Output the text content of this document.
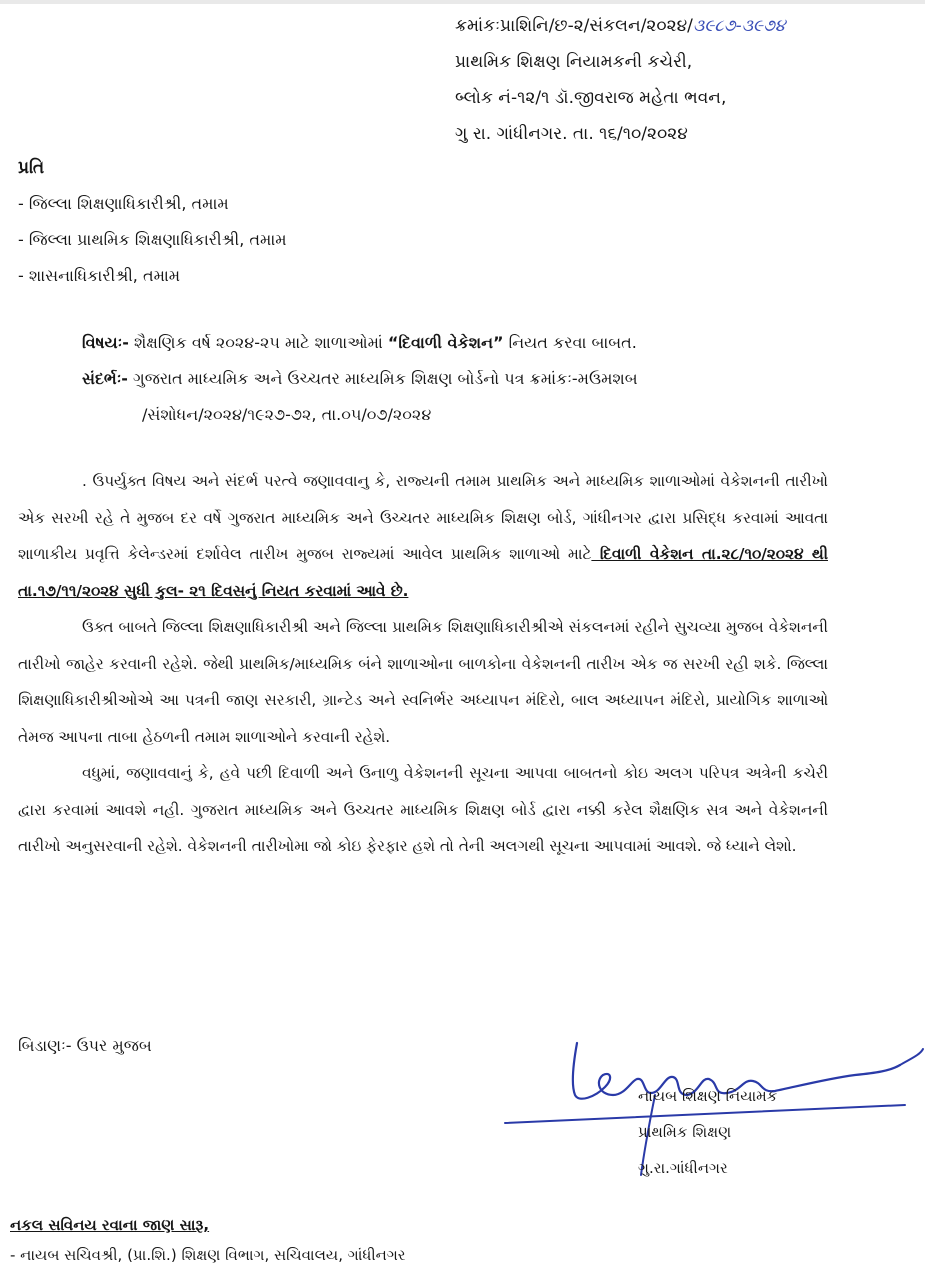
ક્રમાંકઃપ્રાશિનિ/છ-૨/સંકલન/૨૦૨૪/૩૯૮૭-૩૯૭૪
પ્રાથમિક શિક્ષણ નિયામકની કચેરી,
બ્લોક નં-૧૨/૧ ડૉ.જીવરાજ મહેતા ભવન,
ગુ રા. ગાંધીનગર. તા. ૧૬/૧૦/૨૦૨૪
પ્રતિ
- જિલ્લા શિક્ષણાધિકારીશ્રી, તમામ
- જિલ્લા પ્રાથમિક શિક્ષણાધિકારીશ્રી, તમામ
- શાસનાધિકારીશ્રી, તમામ
વિષયઃ- શૈક્ષણિક વર્ષ ૨૦૨૪-૨૫ માટે શાળાઓમાં “દિવાળી વેકેશન” નિયત કરવા બાબત.
સંદર્ભઃ- ગુજરાત માધ્યમિક અને ઉચ્ચતર માધ્યમિક શિક્ષણ બોર્ડનો પત્ર ક્રમાંકઃ-મઉમશબ
/સંશોધન/૨૦૨૪/૧૯૨૭-૭૨, તા.૦૫/૦૭/૨૦૨૪

. ઉપર્યુક્ત વિષય અને સંદર્ભ પરત્વે જણાવવાનુ કે, રાજ્યની તમામ પ્રાથમિક અને માધ્યમિક શાળાઓમાં વેકેશનની તારીખો એક સરખી રહે તે મુજબ દર વર્ષે ગુજરાત માધ્યમિક અને ઉચ્ચતર માધ્યમિક શિક્ષણ બોર્ડ, ગાંધીનગર દ્વારા પ્રસિદ્ધ કરવામાં આવતા શાળાકીય પ્રવૃત્તિ કેલેન્ડરમાં દર્શાવેલ તારીખ મુજબ રાજ્યમાં આવેલ પ્રાથમિક શાળાઓ માટે દિવાળી વેકેશન તા.૨૮/૧૦/૨૦૨૪ થી તા.૧૭/૧૧/૨૦૨૪ સુધી કુલ- ૨૧ દિવસનું નિયત કરવામાં આવે છે.

ઉક્ત બાબતે જિલ્લા શિક્ષણાધિકારીશ્રી અને જિલ્લા પ્રાથમિક શિક્ષણાધિકારીશ્રીએ સંકલનમાં રહીને સુચવ્યા મુજબ વેકેશનની તારીખો જાહેર કરવાની રહેશે. જેથી પ્રાથમિક/માધ્યમિક બંને શાળાઓના બાળકોના વેકેશનની તારીખ એક જ સરખી રહી શકે. જિલ્લા શિક્ષણાધિકારીશ્રીઓએ આ પત્રની જાણ સરકારી, ગ્રાન્ટેડ અને સ્વનિર્ભર અધ્યાપન મંદિરો, બાલ અધ્યાપન મંદિરો, પ્રાયોગિક શાળાઓ તેમજ આપના તાબા હેઠળની તમામ શાળાઓને કરવાની રહેશે.

વધુમાં, જણાવવાનું કે, હવે પછી દિવાળી અને ઉનાળુ વેકેશનની સૂચના આપવા બાબતનો કોઇ અલગ પરિપત્ર અત્રેની કચેરી દ્વારા કરવામાં આવશે નહી. ગુજરાત માધ્યમિક અને ઉચ્ચતર માધ્યમિક શિક્ષણ બોર્ડ દ્વારા નક્કી કરેલ શૈક્ષણિક સત્ર અને વેકેશનની તારીખો અનુસરવાની રહેશે. વેકેશનની તારીખોમા જો કોઇ ફેરફાર હશે તો તેની અલગથી સૂચના આપવામાં આવશે. જે ધ્યાને લેશો.

બિડાણઃ- ઉપર મુજબ
નાયબ શિક્ષણ નિયામક
પ્રાથમિક શિક્ષણ
ગુ.રા.ગાંધીનગર
નકલ સવિનય રવાના જાણ સારૂ,
- નાયબ સચિવશ્રી, (પ્રા.શિ.) શિક્ષણ વિભાગ, સચિવાલય, ગાંધીનગર
